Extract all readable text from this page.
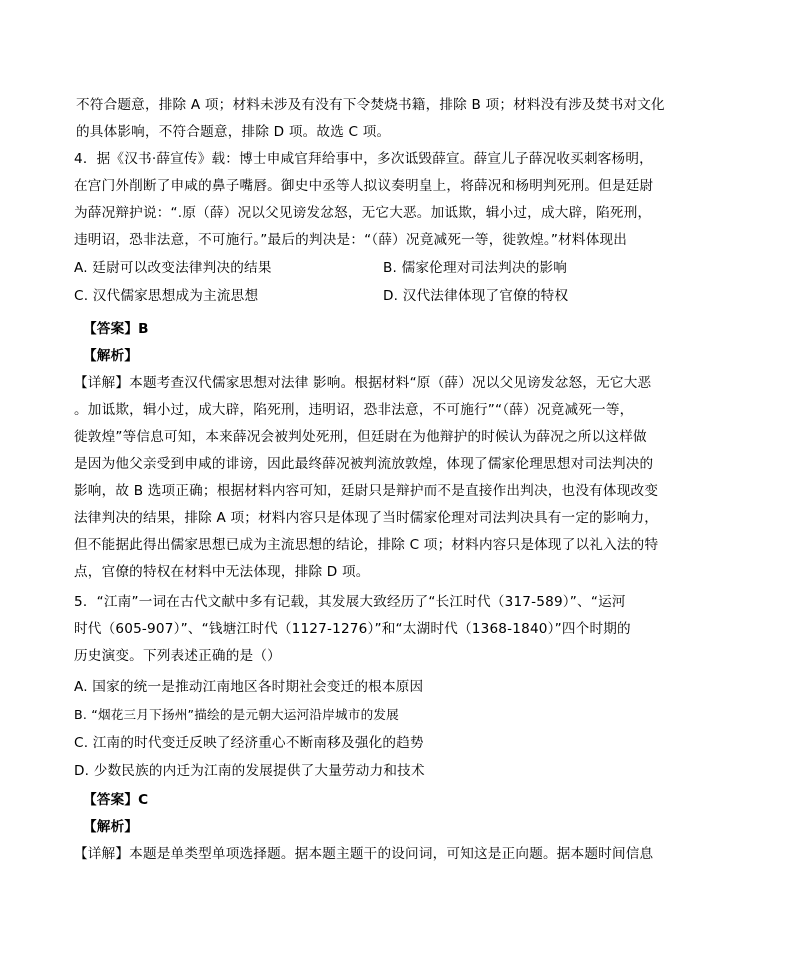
不符合题意，排除 A 项；材料未涉及有没有下令焚烧书籍，排除 B 项；材料没有涉及焚书对文化
的具体影响，不符合题意，排除 D 项。故选 C 项。
4．据《汉书·薛宣传》载：博士申咸官拜给事中，多次诋毁薛宣。薛宣儿子薛况收买刺客杨明，
在宫门外削断了申咸的鼻子嘴唇。御史中丞等人拟议奏明皇上，将薛况和杨明判死刑。但是廷尉
为薛况辩护说：“.原（薛）况以父见谤发忿怒，无它大恶。加诋欺，辑小过，成大辟，陷死刑，
违明诏，恐非法意，不可施行。”最后的判决是：“（薛）况竟减死一等，徙敦煌。”材料体现出
A. 廷尉可以改变法律判决的结果	B. 儒家伦理对司法判决的影响
C. 汉代儒家思想成为主流思想	D. 汉代法律体现了官僚的特权
【答案】B
【解析】
【详解】本题考查汉代儒家思想对法律 影响。根据材料“原（薛）况以父见谤发忿怒，无它大恶
。加诋欺，辑小过，成大辟，陷死刑，违明诏，恐非法意，不可施行”“（薛）况竟减死一等，
徙敦煌”等信息可知，本来薛况会被判处死刑，但廷尉在为他辩护的时候认为薛况之所以这样做
是因为他父亲受到申咸的诽谤，因此最终薛况被判流放敦煌，体现了儒家伦理思想对司法判决的
影响，故 B 选项正确；根据材料内容可知，廷尉只是辩护而不是直接作出判决，也没有体现改变
法律判决的结果，排除 A 项；材料内容只是体现了当时儒家伦理对司法判决具有一定的影响力，
但不能据此得出儒家思想已成为主流思想的结论，排除 C 项；材料内容只是体现了以礼入法的特
点，官僚的特权在材料中无法体现，排除 D 项。
5．“江南”一词在古代文献中多有记载，其发展大致经历了“长江时代（317-589）”、“运河
时代（605-907）”、“钱塘江时代（1127-1276）”和“太湖时代（1368-1840）”四个时期的
历史演变。下列表述正确的是（）
A. 国家的统一是推动江南地区各时期社会变迁的根本原因
B. “烟花三月下扬州”描绘的是元朝大运河沿岸城市的发展
C. 江南的时代变迁反映了经济重心不断南移及强化的趋势
D. 少数民族的内迁为江南的发展提供了大量劳动力和技术
【答案】C
【解析】
【详解】本题是单类型单项选择题。据本题主题干的设问词，可知这是正向题。据本题时间信息
